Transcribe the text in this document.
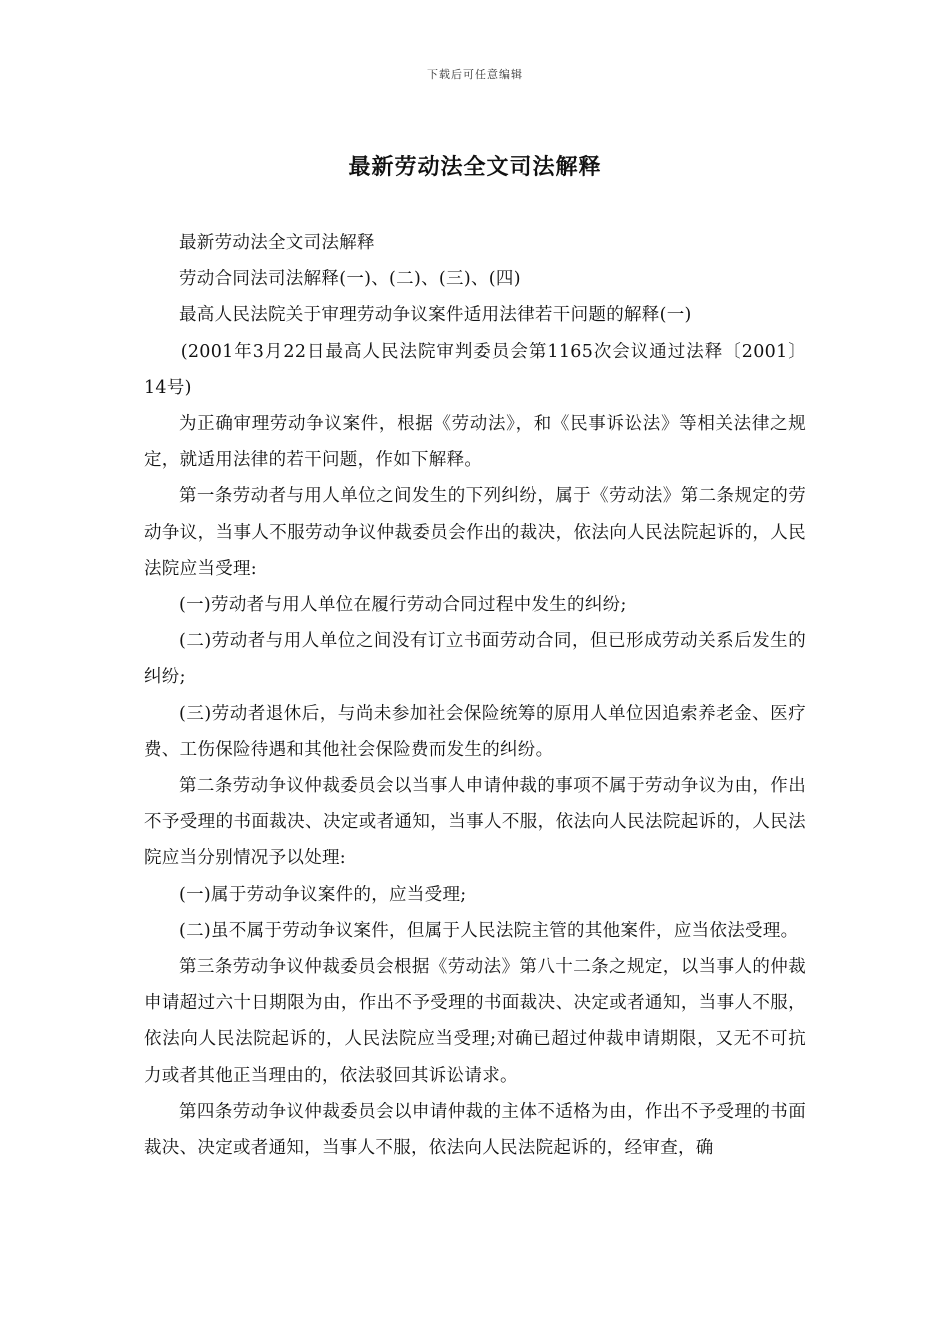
下载后可任意编辑
最新劳动法全文司法解释

最新劳动法全文司法解释

劳动合同法司法解释(一)、(二)、(三)、(四)

最高人民法院关于审理劳动争议案件适用法律若干问题的解释(一)

(2001年3月22日最高人民法院审判委员会第1165次会议通过法释〔2001〕14号)

为正确审理劳动争议案件，根据《劳动法》，和《民事诉讼法》等相关法律之规定，就适用法律的若干问题，作如下解释。

第一条劳动者与用人单位之间发生的下列纠纷，属于《劳动法》第二条规定的劳动争议，当事人不服劳动争议仲裁委员会作出的裁决，依法向人民法院起诉的，人民法院应当受理:

(一)劳动者与用人单位在履行劳动合同过程中发生的纠纷;

(二)劳动者与用人单位之间没有订立书面劳动合同，但已形成劳动关系后发生的纠纷;

(三)劳动者退休后，与尚未参加社会保险统筹的原用人单位因追索养老金、医疗费、工伤保险待遇和其他社会保险费而发生的纠纷。

第二条劳动争议仲裁委员会以当事人申请仲裁的事项不属于劳动争议为由，作出不予受理的书面裁决、决定或者通知，当事人不服，依法向人民法院起诉的，人民法院应当分别情况予以处理:

(一)属于劳动争议案件的，应当受理;

(二)虽不属于劳动争议案件，但属于人民法院主管的其他案件，应当依法受理。

第三条劳动争议仲裁委员会根据《劳动法》第八十二条之规定，以当事人的仲裁申请超过六十日期限为由，作出不予受理的书面裁决、决定或者通知，当事人不服，依法向人民法院起诉的，人民法院应当受理;对确已超过仲裁申请期限，又无不可抗力或者其他正当理由的，依法驳回其诉讼请求。

第四条劳动争议仲裁委员会以申请仲裁的主体不适格为由，作出不予受理的书面裁决、决定或者通知，当事人不服，依法向人民法院起诉的，经审查，确
